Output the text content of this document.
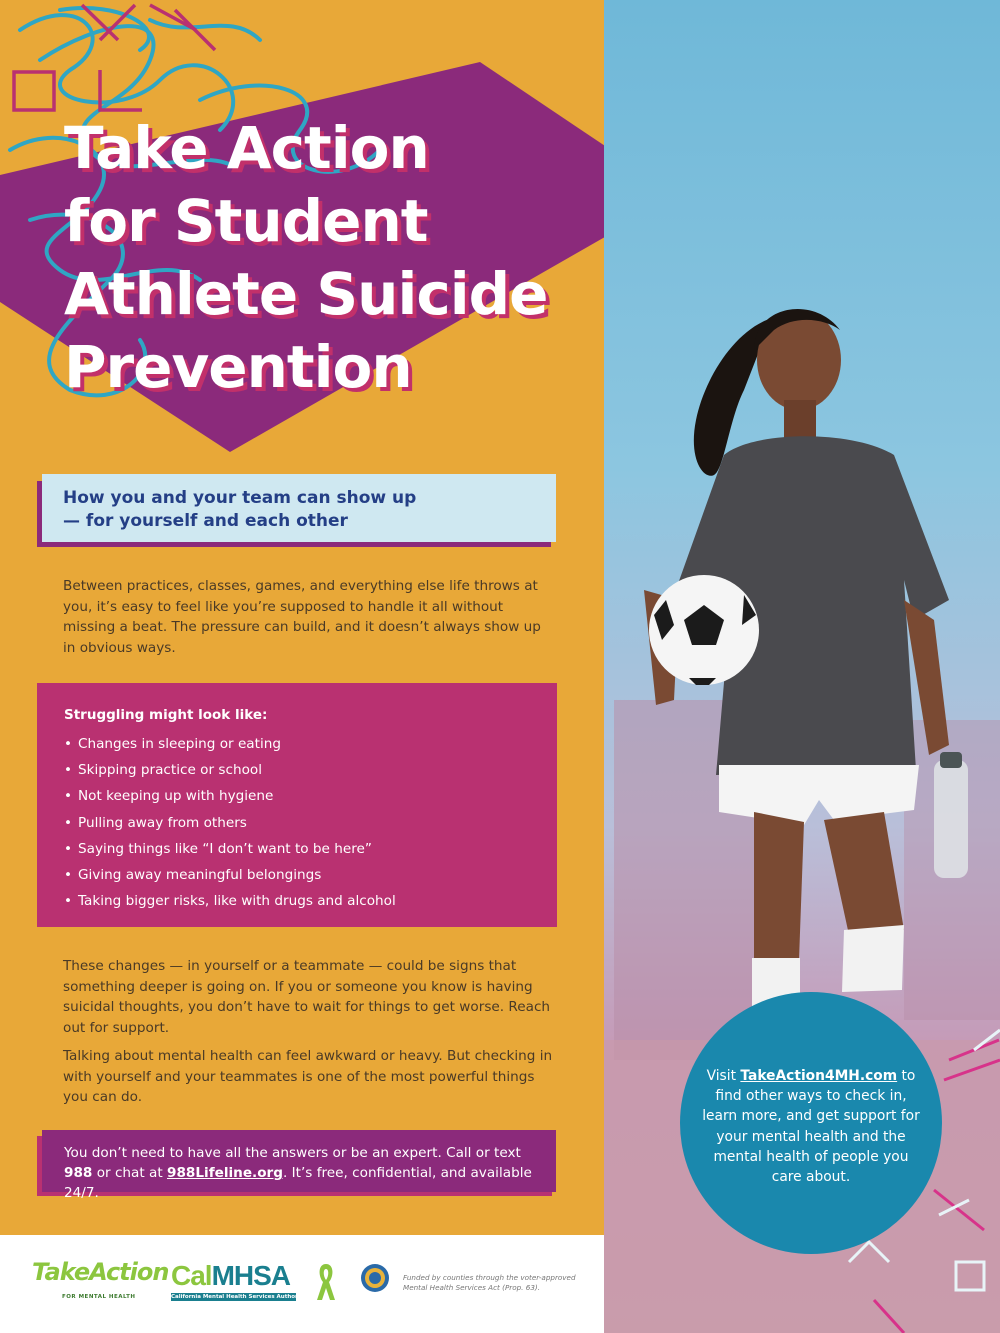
Take Action
for Student
Athlete Suicide
Prevention

How you and your team can show up
— for yourself and each other

Between practices, classes, games, and everything else life throws at you, it’s easy to feel like you’re supposed to handle it all without missing a beat. The pressure can build, and it doesn’t always show up in obvious ways.

Struggling might look like:
• Changes in sleeping or eating
• Skipping practice or school
• Not keeping up with hygiene
• Pulling away from others
• Saying things like “I don’t want to be here”
• Giving away meaningful belongings
• Taking bigger risks, like with drugs and alcohol

These changes — in yourself or a teammate — could be signs that something deeper is going on. If you or someone you know is having suicidal thoughts, you don’t have to wait for things to get worse. Reach out for support.

Talking about mental health can feel awkward or heavy. But checking in with yourself and your teammates is one of the most powerful things you can do.

You don’t need to have all the answers or be an expert. Call or text 988 or chat at 988Lifeline.org. It’s free, confidential, and available 24/7.

Visit TakeAction4MH.com to find other ways to check in, learn more, and get support for your mental health and the mental health of people you care about.

TakeAction
FOR MENTAL HEALTH
CalMHSA
California Mental Health Services Authority

Funded by counties through the voter-approved Mental Health Services Act (Prop. 63).
